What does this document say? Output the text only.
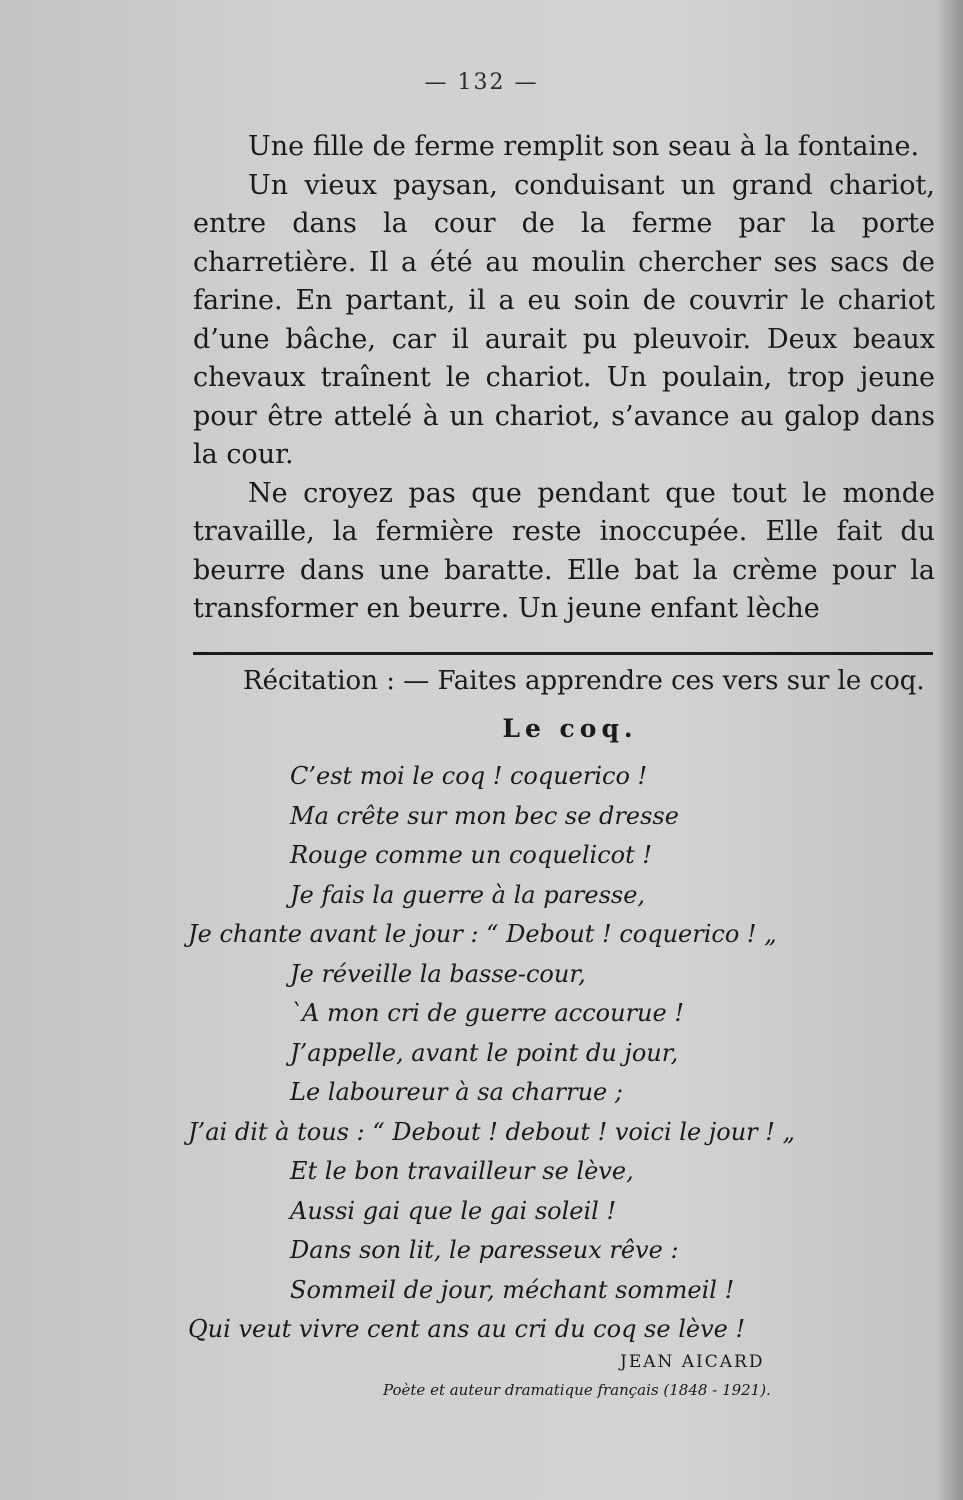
— 132 —

Une fille de ferme remplit son seau à la fontaine.

Un vieux paysan, conduisant un grand chariot, entre dans la cour de la ferme par la porte charretière. Il a été au moulin chercher ses sacs de farine. En partant, il a eu soin de couvrir le chariot d’une bâche, car il aurait pu pleuvoir. Deux beaux chevaux traînent le chariot. Un poulain, trop jeune pour être attelé à un chariot, s’avance au galop dans la cour.

Ne croyez pas que pendant que tout le monde travaille, la fermière reste inoccupée. Elle fait du beurre dans une baratte. Elle bat la crème pour la transformer en beurre. Un jeune enfant lèche

Récitation : — Faites apprendre ces vers sur le coq.
Le coq.
C’est moi le coq ! coquerico !
Ma crête sur mon bec se dresse
Rouge comme un coquelicot !
Je fais la guerre à la paresse,
Je chante avant le jour : “ Debout ! coquerico ! „
Je réveille la basse-cour,
`A mon cri de guerre accourue !
J’appelle, avant le point du jour,
Le laboureur à sa charrue ;
J’ai dit à tous : “ Debout ! debout ! voici le jour ! „
Et le bon travailleur se lève,
Aussi gai que le gai soleil !
Dans son lit, le paresseux rêve :
Sommeil de jour, méchant sommeil !
Qui veut vivre cent ans au cri du coq se lève !
JEAN AICARD
Poète et auteur dramatique français (1848 - 1921).
